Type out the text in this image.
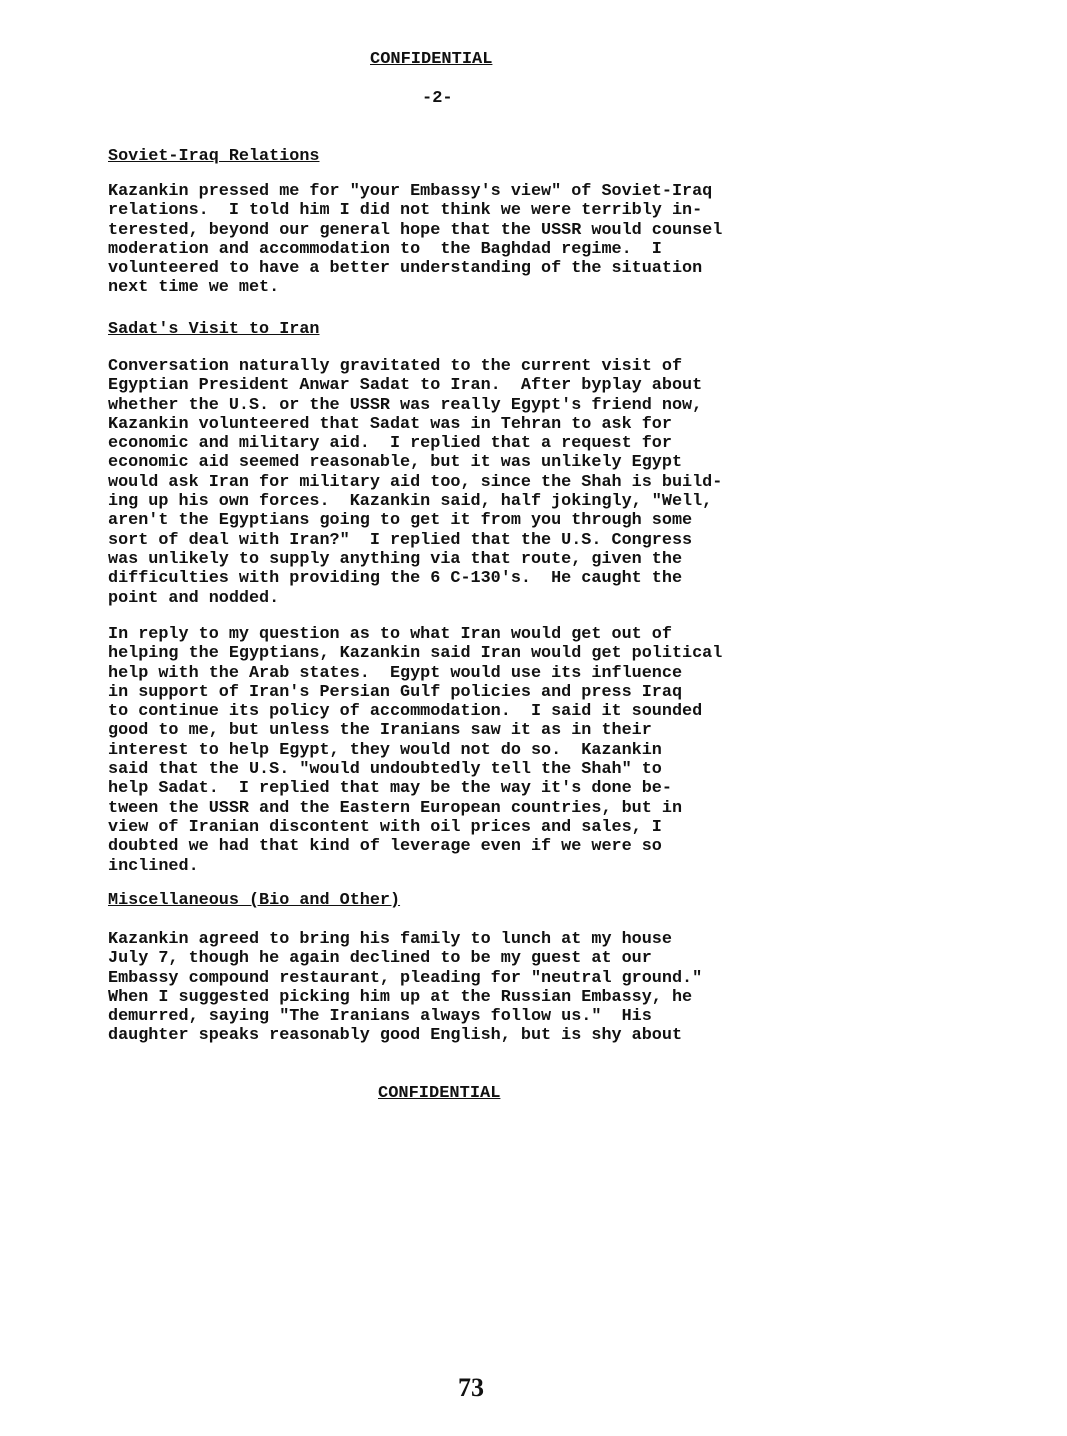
CONFIDENTIAL
-2-
Soviet-Iraq Relations

Kazankin pressed me for "your Embassy's view" of Soviet-Iraq
relations.  I told him I did not think we were terribly in-
terested, beyond our general hope that the USSR would counsel
moderation and accommodation to  the Baghdad regime.  I
volunteered to have a better understanding of the situation
next time we met.

Sadat's Visit to Iran

Conversation naturally gravitated to the current visit of
Egyptian President Anwar Sadat to Iran.  After byplay about
whether the U.S. or the USSR was really Egypt's friend now,
Kazankin volunteered that Sadat was in Tehran to ask for
economic and military aid.  I replied that a request for
economic aid seemed reasonable, but it was unlikely Egypt
would ask Iran for military aid too, since the Shah is build-
ing up his own forces.  Kazankin said, half jokingly, "Well,
aren't the Egyptians going to get it from you through some
sort of deal with Iran?"  I replied that the U.S. Congress
was unlikely to supply anything via that route, given the
difficulties with providing the 6 C-130's.  He caught the
point and nodded.

In reply to my question as to what Iran would get out of
helping the Egyptians, Kazankin said Iran would get political
help with the Arab states.  Egypt would use its influence
in support of Iran's Persian Gulf policies and press Iraq
to continue its policy of accommodation.  I said it sounded
good to me, but unless the Iranians saw it as in their
interest to help Egypt, they would not do so.  Kazankin
said that the U.S. "would undoubtedly tell the Shah" to
help Sadat.  I replied that may be the way it's done be-
tween the USSR and the Eastern European countries, but in
view of Iranian discontent with oil prices and sales, I
doubted we had that kind of leverage even if we were so
inclined.

Miscellaneous (Bio and Other)

Kazankin agreed to bring his family to lunch at my house
July 7, though he again declined to be my guest at our
Embassy compound restaurant, pleading for "neutral ground."
When I suggested picking him up at the Russian Embassy, he
demurred, saying "The Iranians always follow us."  His
daughter speaks reasonably good English, but is shy about

CONFIDENTIAL
73
